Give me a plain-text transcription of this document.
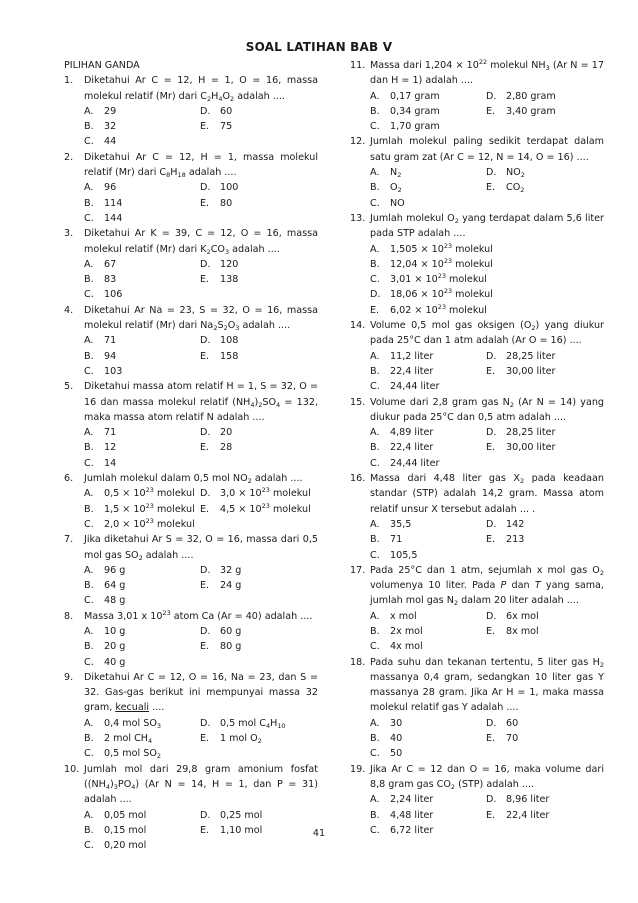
SOAL LATIHAN BAB V
PILIHAN GANDA
1. Diketahui Ar C = 12, H = 1, O = 16, massa molekul relatif (Mr) dari $C_2H_4O_2$ adalah ....
A. 29	D. 60
B. 32	E. 75
C. 44
2. Diketahui Ar C = 12, H = 1, massa molekul relatif (Mr) dari $C_8H_{18}$ adalah ....
A. 96	D. 100
B. 114	E. 80
C. 144
3. Diketahui Ar K = 39, C = 12, O = 16, massa molekul relatif (Mr) dari $K_2CO_3$ adalah ....
A. 67	D. 120
B. 83	E. 138
C. 106
4. Diketahui Ar Na = 23, S = 32, O = 16, massa molekul relatif (Mr) dari $Na_2S_2O_3$ adalah ....
A. 71	D. 108
B. 94	E. 158
C. 103
5. Diketahui massa atom relatif H = 1, S = 32, O = 16 dan massa molekul relatif $(NH_4)_2SO_4 = 132$, maka massa atom relatif N adalah ....
A. 71	D. 20
B. 12	E. 28
C. 14
6. Jumlah molekul dalam 0,5 mol $NO_2$ adalah ....
A. $0,5 \times 10^{23}$ molekul D. $3,0 \times 10^{23}$ molekul
B. $1,5 \times 10^{23}$ molekul E. $4,5 \times 10^{23}$ molekul
C. $2,0 \times 10^{23}$ molekul
7. Jika diketahui Ar S = 32, O = 16, massa dari 0,5 mol gas $SO_2$ adalah ....
A. 96 g	D. 32 g
B. 64 g	E. 24 g
C. 48 g
8. Massa 3,01 x $10^{23}$ atom Ca (Ar = 40) adalah ....
A. 10 g	D. 60 g
B. 20 g	E. 80 g
C. 40 g
9. Diketahui Ar C = 12, O = 16, Na = 23, dan S = 32. Gas-gas berikut ini mempunyai massa 32 gram, kecuali ....
A. 0,4 mol $SO_3$	D. 0,5 mol $C_4H_{10}$
B. 2 mol $CH_4$	E. 1 mol $O_2$
C. 0,5 mol $SO_2$
10. Jumlah mol dari 29,8 gram amonium fosfat $((NH_4)_3PO_4)$ (Ar N = 14, H = 1, dan P = 31) adalah ....
A. 0,05 mol	D. 0,25 mol
B. 0,15 mol	E. 1,10 mol
C. 0,20 mol
11. Massa dari $1,204 \times 10^{22}$ molekul $NH_3$ (Ar N = 17 dan H = 1) adalah ....
A. 0,17 gram	D. 2,80 gram
B. 0,34 gram	E. 3,40 gram
C. 1,70 gram
12. Jumlah molekul paling sedikit terdapat dalam satu gram zat (Ar C = 12, N = 14, O = 16) ....
A. $N_2$	D. $NO_2$
B. $O_2$	E. $CO_2$
C. NO
13. Jumlah molekul $O_2$ yang terdapat dalam 5,6 liter pada STP adalah ....
A. $1,505 \times 10^{23}$ molekul
B. $12,04 \times 10^{23}$ molekul
C. $3,01 \times 10^{23}$ molekul
D. $18,06 \times 10^{23}$ molekul
E. $6,02 \times 10^{23}$ molekul
14. Volume 0,5 mol gas oksigen $(O_2)$ yang diukur pada 25°C dan 1 atm adalah (Ar O = 16) ....
A. 11,2 liter	D. 28,25 liter
B. 22,4 liter	E. 30,00 liter
C. 24,44 liter
15. Volume dari 2,8 gram gas $N_2$ (Ar N = 14) yang diukur pada 25°C dan 0,5 atm adalah ....
A. 4,89 liter	D. 28,25 liter
B. 22,4 liter	E. 30,00 liter
C. 24,44 liter
16. Massa dari 4,48 liter gas $X_2$ pada keadaan standar (STP) adalah 14,2 gram. Massa atom relatif unsur X tersebut adalah ... .
A. 35,5	D. 142
B. 71	E. 213
C. 105,5
17. Pada 25°C dan 1 atm, sejumlah x mol gas $O_2$ volumenya 10 liter. Pada P dan T yang sama, jumlah mol gas $N_2$ dalam 20 liter adalah ....
A. x mol	D. 6x mol
B. 2x mol	E. 8x mol
C. 4x mol
18. Pada suhu dan tekanan tertentu, 5 liter gas $H_2$ massanya 0,4 gram, sedangkan 10 liter gas Y massanya 28 gram. Jika Ar H = 1, maka massa molekul relatif gas Y adalah ....
A. 30	D. 60
B. 40	E. 70
C. 50
19. Jika Ar C = 12 dan O = 16, maka volume dari 8,8 gram gas $CO_2$ (STP) adalah ....
A. 2,24 liter	D. 8,96 liter
B. 4,48 liter	E. 22,4 liter
C. 6,72 liter
41
